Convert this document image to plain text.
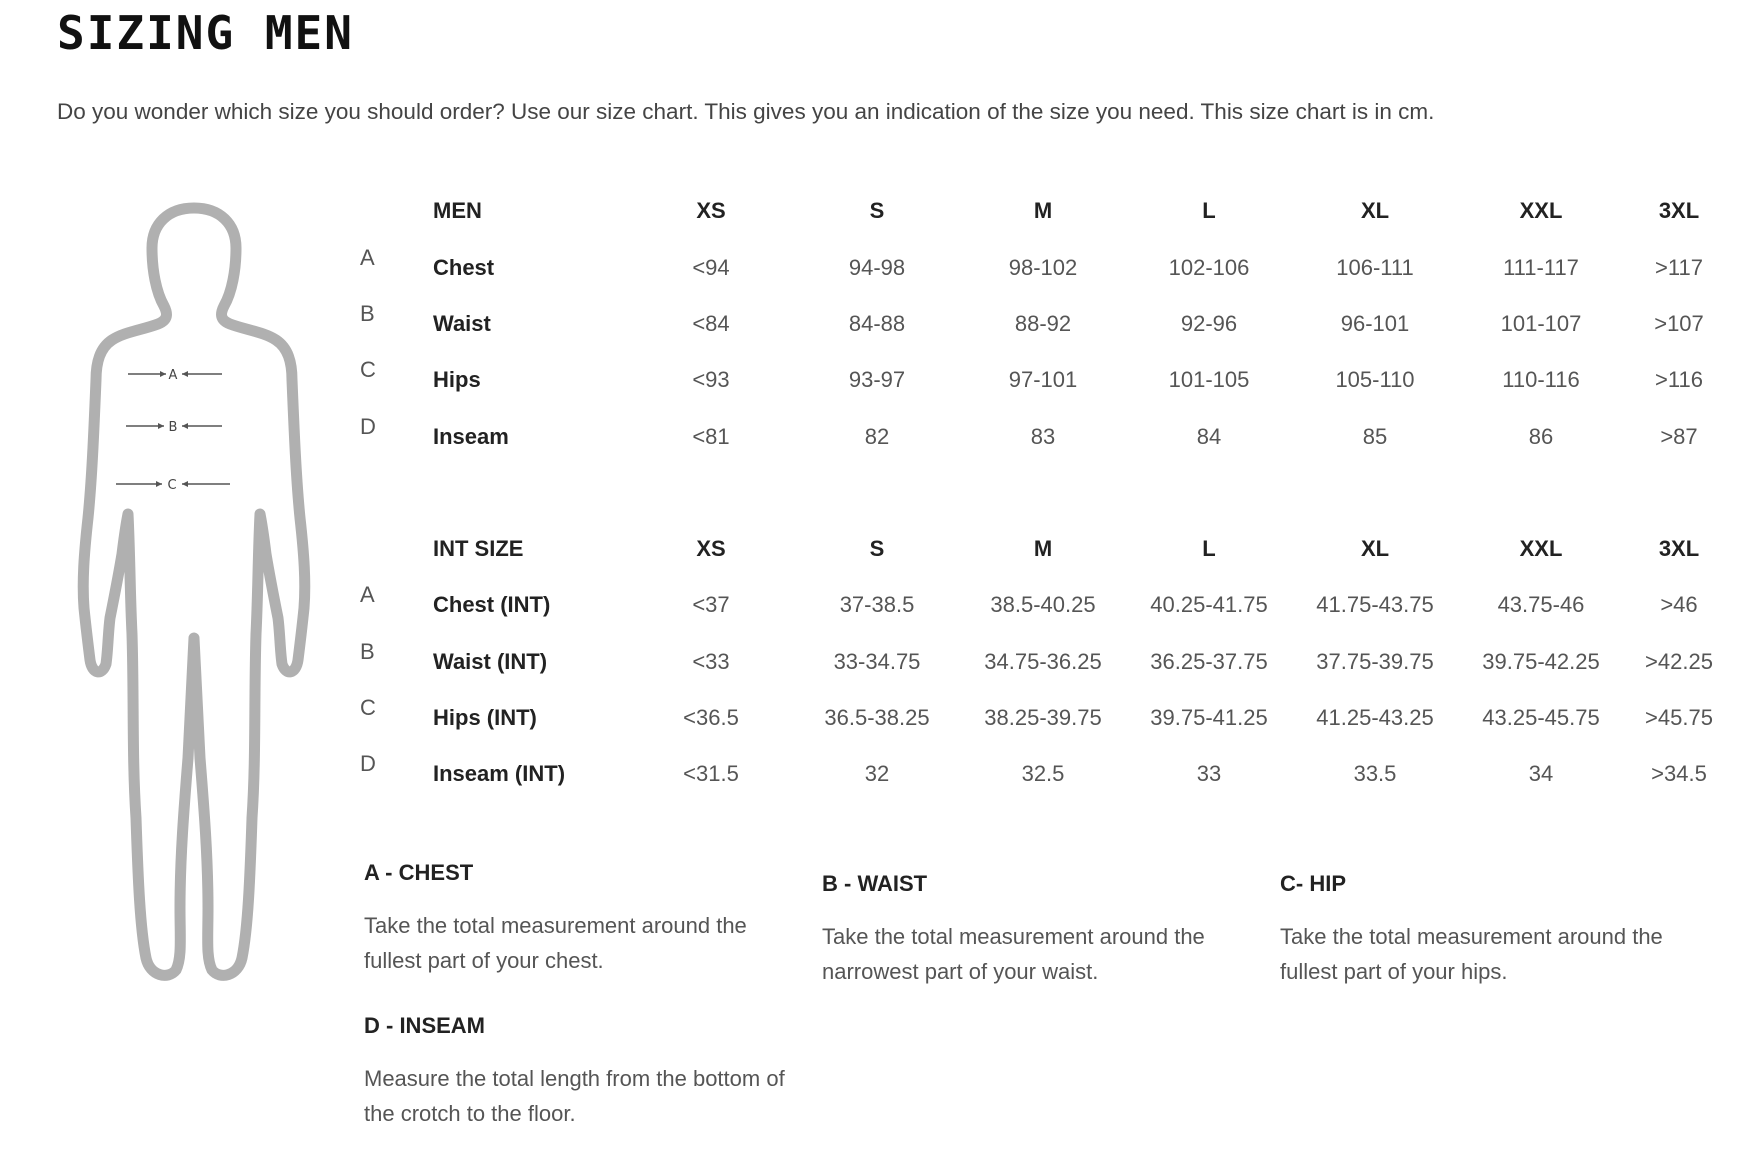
SIZING MEN
Do you wonder which size you should order? Use our size chart. This gives you an indication of the size you need. This size chart is in cm.
A
B
C
MEN	XS	S	M	L	XL	XXL	3XL
A	Chest	<94	94-98	98-102	102-106	106-111	111-117	>117
B	Waist	<84	84-88	88-92	92-96	96-101	101-107	>107
C	Hips	<93	93-97	97-101	101-105	105-110	110-116	>116
D	Inseam	<81	82	83	84	85	86	>87
INT SIZE	XS	S	M	L	XL	XXL	3XL
A	Chest (INT)	<37	37-38.5	38.5-40.25	40.25-41.75	41.75-43.75	43.75-46	>46
B	Waist (INT)	<33	33-34.75	34.75-36.25	36.25-37.75	37.75-39.75	39.75-42.25	>42.25
C	Hips (INT)	<36.5	36.5-38.25	38.25-39.75	39.75-41.25	41.25-43.25	43.25-45.75	>45.75
D	Inseam (INT)	<31.5	32	32.5	33	33.5	34	>34.5
A - CHEST

Take the total measurement around the fullest part of your chest.

B - WAIST

Take the total measurement around the narrowest part of your waist.

C- HIP

Take the total measurement around the fullest part of your hips.

D - INSEAM

Measure the total length from the bottom of the crotch to the floor.
